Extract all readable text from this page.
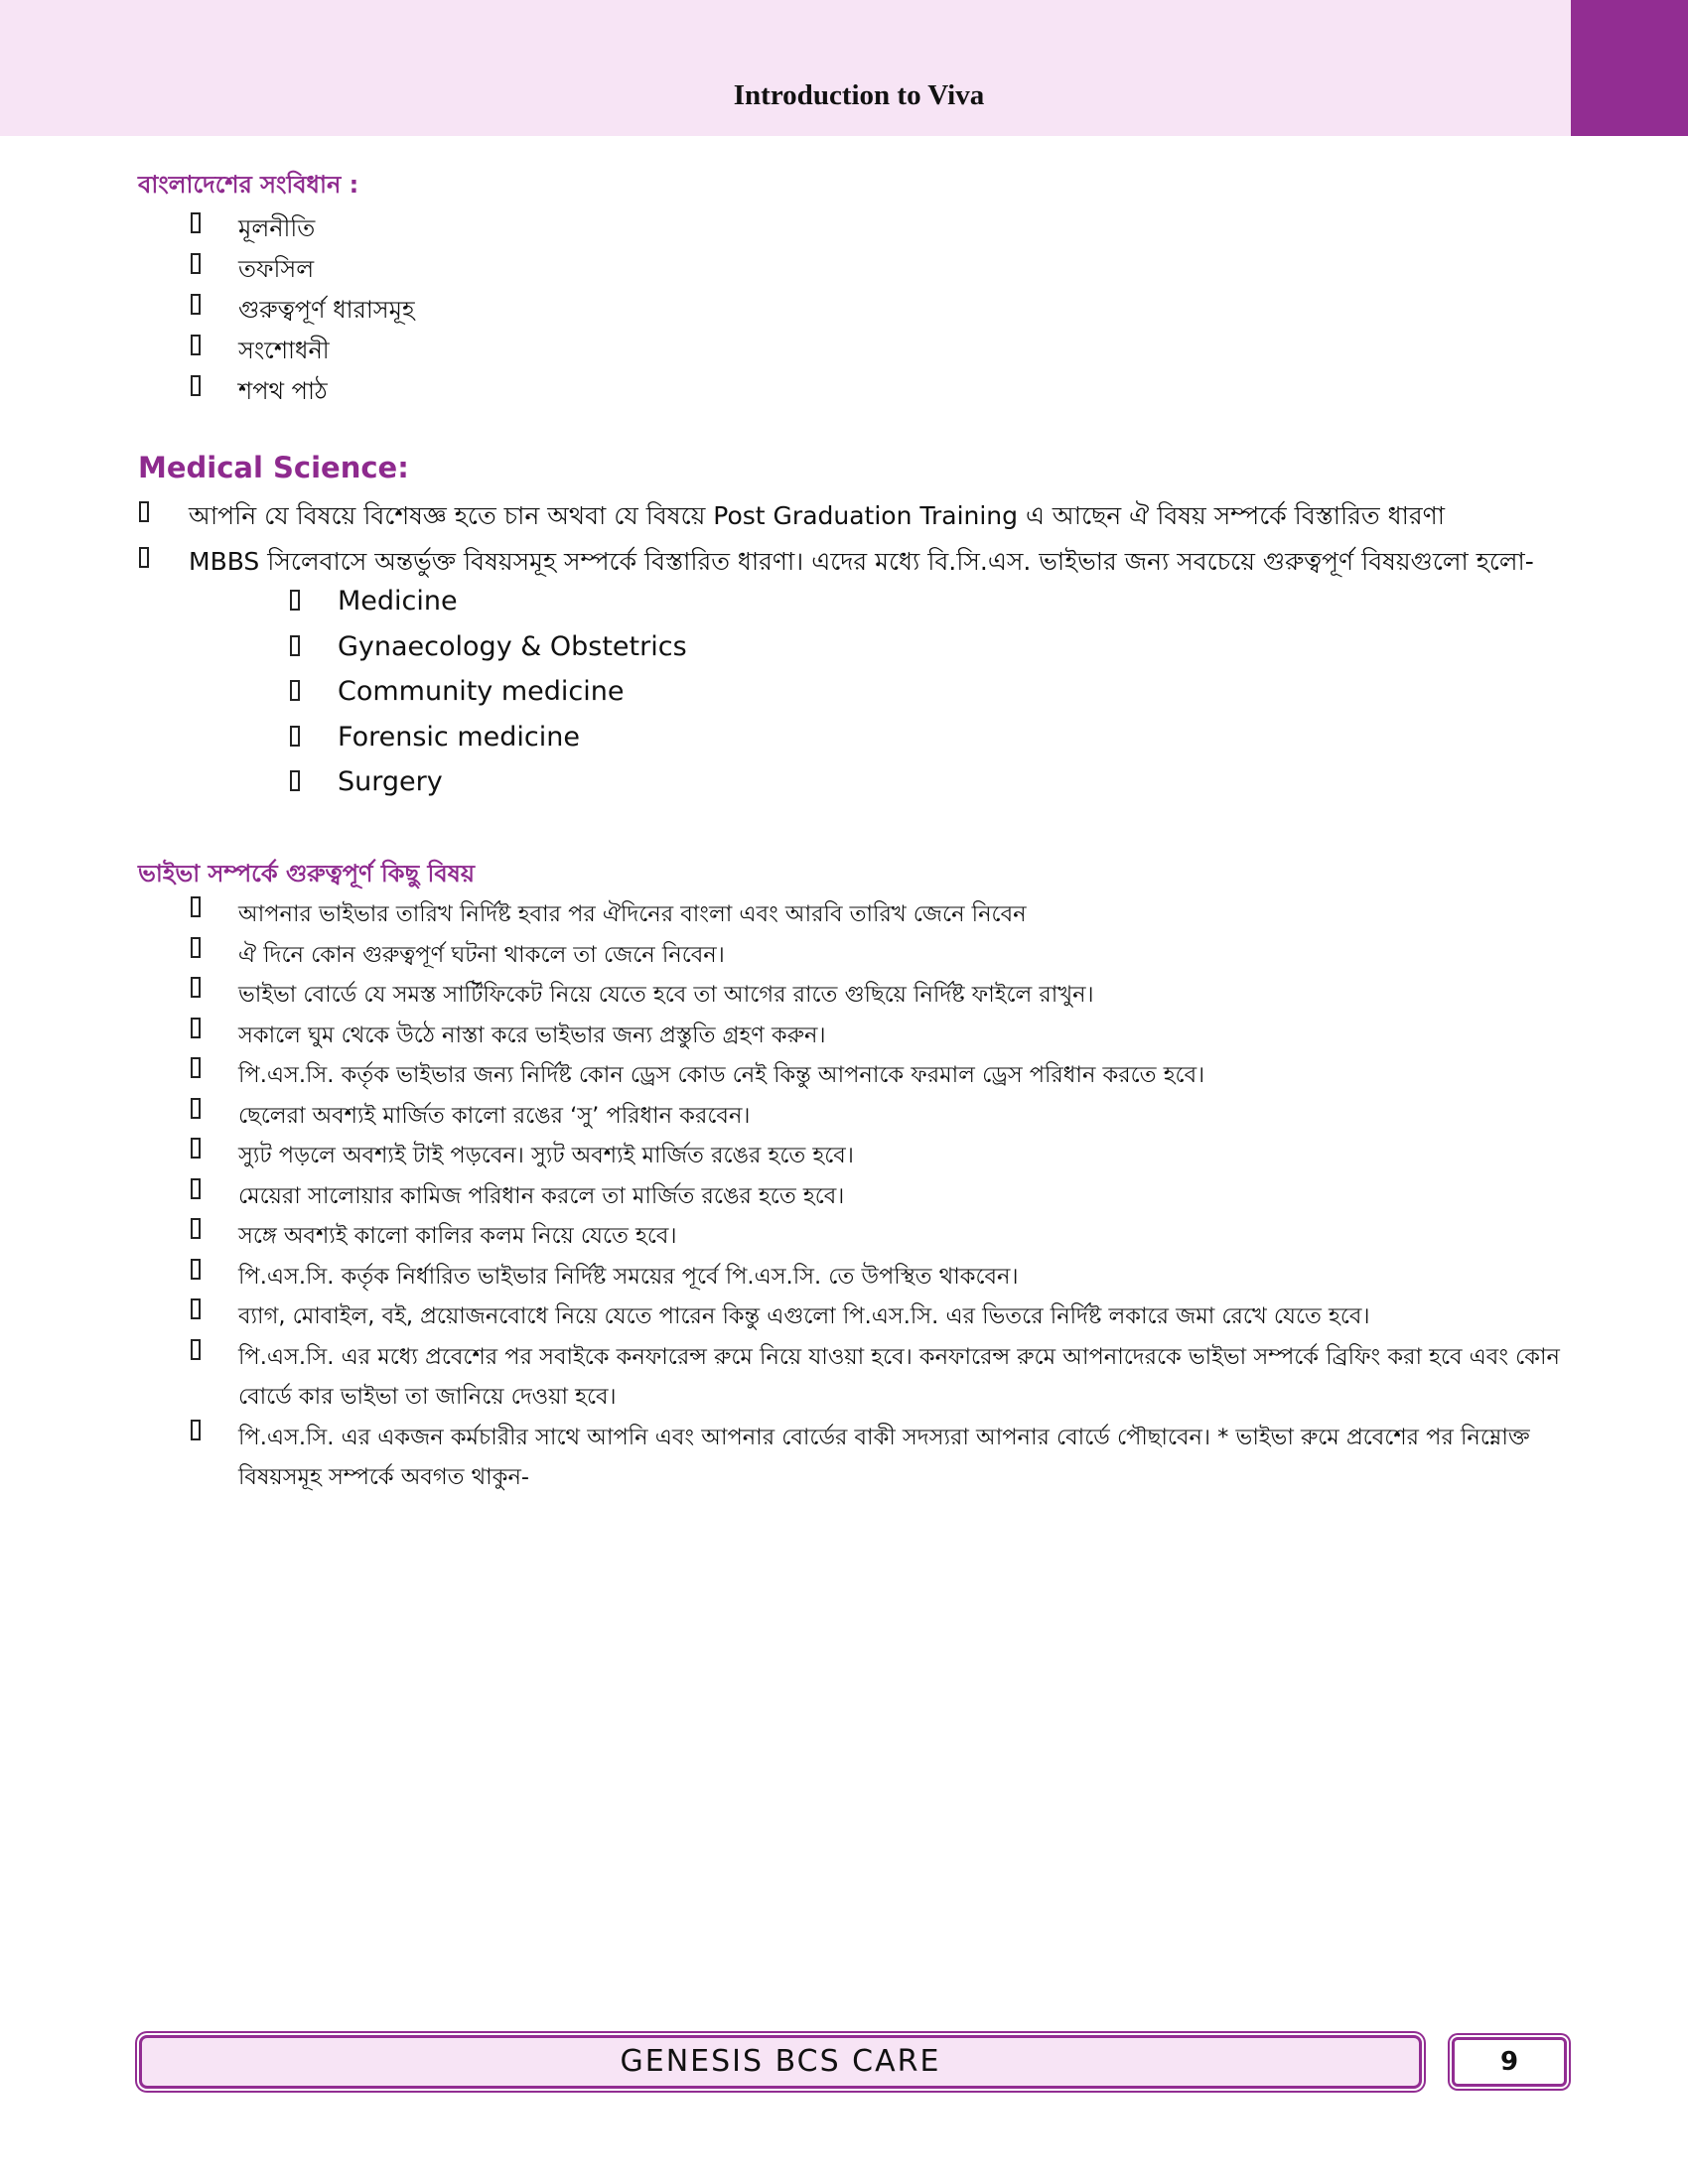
Introduction to Viva
বাংলাদেশের সংবিধান :
মূলনীতি
তফসিল
গুরুত্বপূর্ণ ধারাসমূহ
সংশোধনী
শপথ পাঠ
Medical Science:
আপনি যে বিষয়ে বিশেষজ্ঞ হতে চান অথবা যে বিষয়ে Post Graduation Training এ আছেন ঐ বিষয় সম্পর্কে বিস্তারিত ধারণা
MBBS সিলেবাসে অন্তর্ভুক্ত বিষয়সমূহ সম্পর্কে বিস্তারিত ধারণা। এদের মধ্যে বি.সি.এস. ভাইভার জন্য সবচেয়ে গুরুত্বপূর্ণ বিষয়গুলো হলো-
Medicine
Gynaecology & Obstetrics
Community medicine
Forensic medicine
Surgery
ভাইভা সম্পর্কে গুরুত্বপূর্ণ কিছু বিষয়
আপনার ভাইভার তারিখ নির্দিষ্ট হবার পর ঐদিনের বাংলা এবং আরবি তারিখ জেনে নিবেন
ঐ দিনে কোন গুরুত্বপূর্ণ ঘটনা থাকলে তা জেনে নিবেন।
ভাইভা বোর্ডে যে সমস্ত সার্টিফিকেট নিয়ে যেতে হবে তা আগের রাতে গুছিয়ে নির্দিষ্ট ফাইলে রাখুন।
সকালে ঘুম থেকে উঠে নাস্তা করে ভাইভার জন্য প্রস্তুতি গ্রহণ করুন।
পি.এস.সি. কর্তৃক ভাইভার জন্য নির্দিষ্ট কোন ড্রেস কোড নেই কিন্তু আপনাকে ফরমাল ড্রেস পরিধান করতে হবে।
ছেলেরা অবশ্যই মার্জিত কালো রঙের ‘সু’ পরিধান করবেন।
স্যুট পড়লে অবশ্যই টাই পড়বেন। স্যুট অবশ্যই মার্জিত রঙের হতে হবে।
মেয়েরা সালোয়ার কামিজ পরিধান করলে তা মার্জিত রঙের হতে হবে।
সঙ্গে অবশ্যই কালো কালির কলম নিয়ে যেতে হবে।
পি.এস.সি. কর্তৃক নির্ধারিত ভাইভার নির্দিষ্ট সময়ের পূর্বে পি.এস.সি. তে উপস্থিত থাকবেন।
ব্যাগ, মোবাইল, বই, প্রয়োজনবোধে নিয়ে যেতে পারেন কিন্তু এগুলো পি.এস.সি. এর ভিতরে নির্দিষ্ট লকারে জমা রেখে যেতে হবে।
পি.এস.সি. এর মধ্যে প্রবেশের পর সবাইকে কনফারেন্স রুমে নিয়ে যাওয়া হবে। কনফারেন্স রুমে আপনাদেরকে ভাইভা সম্পর্কে ব্রিফিং করা হবে এবং কোন বোর্ডে কার ভাইভা তা জানিয়ে দেওয়া হবে।
পি.এস.সি. এর একজন কর্মচারীর সাথে আপনি এবং আপনার বোর্ডের বাকী সদস্যরা আপনার বোর্ডে পৌছাবেন। * ভাইভা রুমে প্রবেশের পর নিম্নোক্ত বিষয়সমূহ সম্পর্কে অবগত থাকুন-
GENESIS BCS CARE	9
